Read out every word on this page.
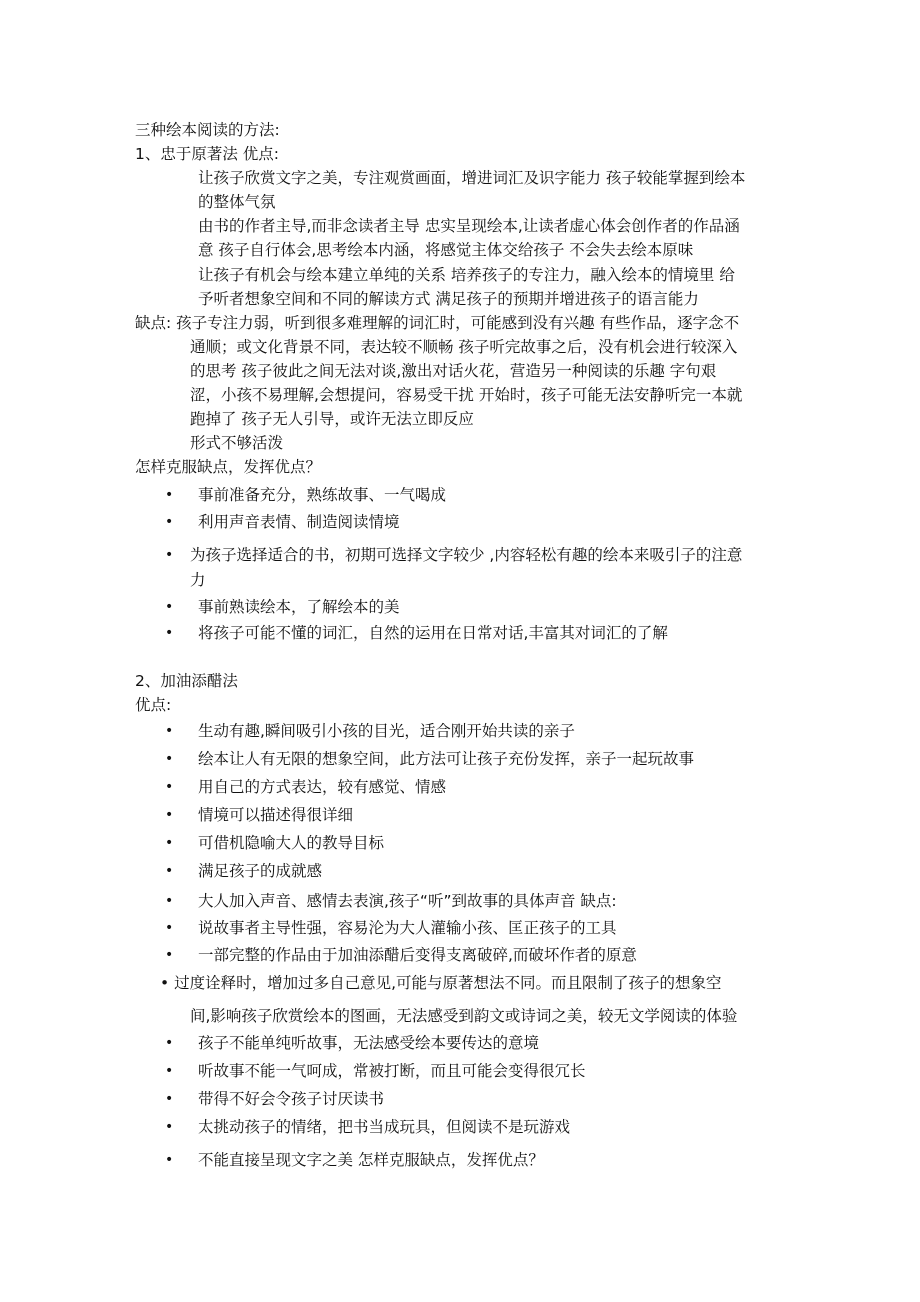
三种绘本阅读的方法:
1、忠于原著法 优点:
让孩子欣赏文字之美，专注观赏画面，增进词汇及识字能力 孩子较能掌握到绘本
的整体气氛
由书的作者主导,而非念读者主导 忠实呈现绘本,让读者虚心体会创作者的作品涵
意 孩子自行体会,思考绘本内涵，将感觉主体交给孩子 不会失去绘本原味
让孩子有机会与绘本建立单纯的关系 培养孩子的专注力，融入绘本的情境里 给
予听者想象空间和不同的解读方式 满足孩子的预期并增进孩子的语言能力
缺点: 孩子专注力弱，听到很多难理解的词汇时，可能感到没有兴趣 有些作品，逐字念不
通顺；或文化背景不同，表达较不顺畅 孩子听完故事之后，没有机会进行较深入
的思考 孩子彼此之间无法对谈,激出对话火花，营造另一种阅读的乐趣 字句艰
涩，小孩不易理解,会想提问，容易受干扰 开始时，孩子可能无法安静听完一本就
跑掉了 孩子无人引导，或许无法立即反应
形式不够活泼
怎样克服缺点，发挥优点？
• 事前准备充分，熟练故事、一气喝成
• 利用声音表情、制造阅读情境
• 为孩子选择适合的书，初期可选择文字较少 ,内容轻松有趣的绘本来吸引子的注意
力
• 事前熟读绘本，了解绘本的美
• 将孩子可能不懂的词汇，自然的运用在日常对话,丰富其对词汇的了解
2、加油添醋法
优点:
• 生动有趣,瞬间吸引小孩的目光，适合刚开始共读的亲子
• 绘本让人有无限的想象空间，此方法可让孩子充份发挥，亲子一起玩故事
• 用自己的方式表达，较有感觉、情感
• 情境可以描述得很详细
• 可借机隐喻大人的教导目标
• 满足孩子的成就感
• 大人加入声音、感情去表演,孩子“听”到故事的具体声音 缺点:
• 说故事者主导性强，容易沦为大人灌输小孩、匡正孩子的工具
• 一部完整的作品由于加油添醋后变得支离破碎,而破坏作者的原意
• 过度诠释时，增加过多自己意见,可能与原著想法不同。而且限制了孩子的想象空
间,影响孩子欣赏绘本的图画，无法感受到韵文或诗词之美，较无文学阅读的体验
• 孩子不能单纯听故事，无法感受绘本要传达的意境
• 听故事不能一气呵成，常被打断，而且可能会变得很冗长
• 带得不好会令孩子讨厌读书
• 太挑动孩子的情绪，把书当成玩具，但阅读不是玩游戏
• 不能直接呈现文字之美 怎样克服缺点，发挥优点？
